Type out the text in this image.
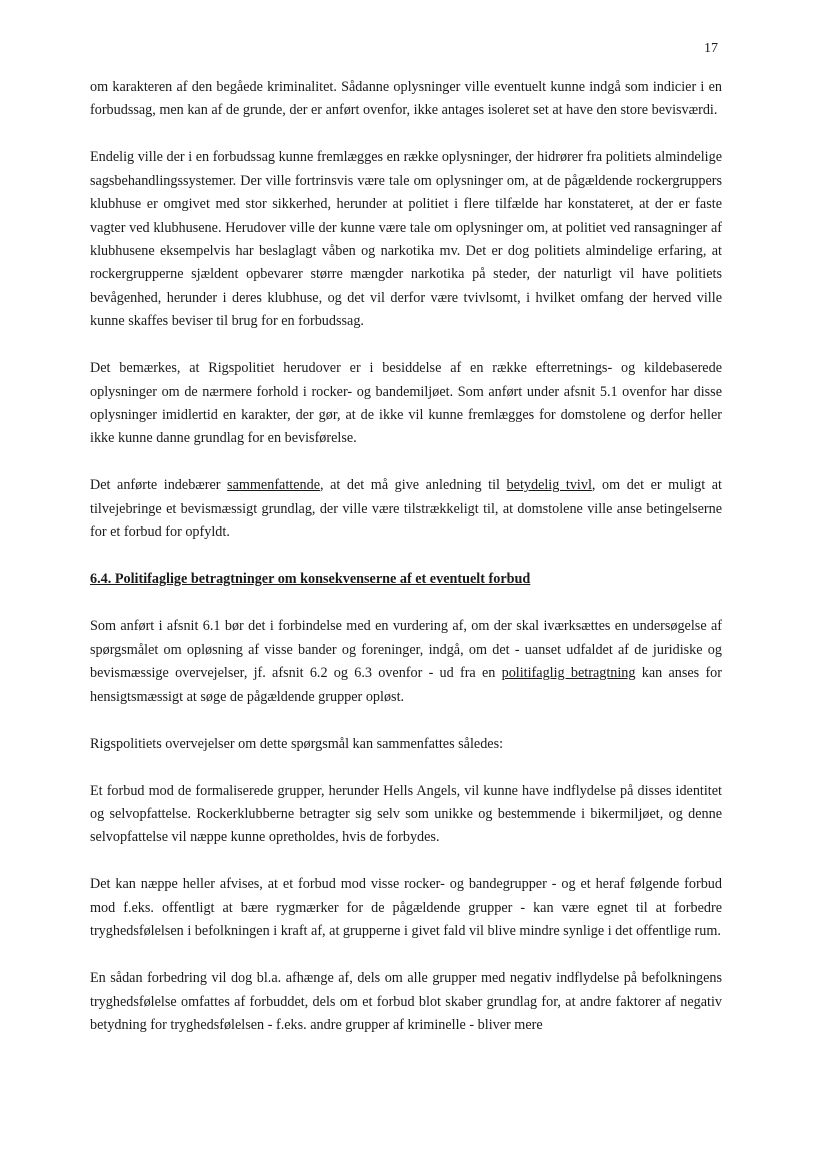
17

om karakteren af den begåede kriminalitet. Sådanne oplysninger ville eventuelt kunne indgå som indicier i en forbudssag, men kan af de grunde, der er anført ovenfor, ikke antages isoleret set at have den store bevisværdi.

Endelig ville der i en forbudssag kunne fremlægges en række oplysninger, der hidrører fra politiets almindelige sagsbehandlingssystemer. Der ville fortrinsvis være tale om oplysninger om, at de pågældende rockergruppers klubhuse er omgivet med stor sikkerhed, herunder at politiet i flere tilfælde har konstateret, at der er faste vagter ved klubhusene. Herudover ville der kunne være tale om oplysninger om, at politiet ved ransagninger af klubhusene eksempelvis har beslaglagt våben og narkotika mv. Det er dog politiets almindelige erfaring, at rockergrupperne sjældent opbevarer større mængder narkotika på steder, der naturligt vil have politiets bevågenhed, herunder i deres klubhuse, og det vil derfor være tvivlsomt, i hvilket omfang der herved ville kunne skaffes beviser til brug for en forbudssag.

Det bemærkes, at Rigspolitiet herudover er i besiddelse af en række efterretnings- og kildebaserede oplysninger om de nærmere forhold i rocker- og bandemiljøet. Som anført under afsnit 5.1 ovenfor har disse oplysninger imidlertid en karakter, der gør, at de ikke vil kunne fremlægges for domstolene og derfor heller ikke kunne danne grundlag for en bevisførelse.

Det anførte indebærer sammenfattende, at det må give anledning til betydelig tvivl, om det er muligt at tilvejebringe et bevismæssigt grundlag, der ville være tilstrækkeligt til, at domstolene ville anse betingelserne for et forbud for opfyldt.

6.4. Politifaglige betragtninger om konsekvenserne af et eventuelt forbud

Som anført i afsnit 6.1 bør det i forbindelse med en vurdering af, om der skal iværksættes en undersøgelse af spørgsmålet om opløsning af visse bander og foreninger, indgå, om det - uanset udfaldet af de juridiske og bevismæssige overvejelser, jf. afsnit 6.2 og 6.3 ovenfor - ud fra en politifaglig betragtning kan anses for hensigtsmæssigt at søge de pågældende grupper opløst.

Rigspolitiets overvejelser om dette spørgsmål kan sammenfattes således:

Et forbud mod de formaliserede grupper, herunder Hells Angels, vil kunne have indflydelse på disses identitet og selvopfattelse. Rockerklubberne betragter sig selv som unikke og bestemmende i bikermiljøet, og denne selvopfattelse vil næppe kunne opretholdes, hvis de forbydes.

Det kan næppe heller afvises, at et forbud mod visse rocker- og bandegrupper - og et heraf følgende forbud mod f.eks. offentligt at bære rygmærker for de pågældende grupper - kan være egnet til at forbedre tryghedsfølelsen i befolkningen i kraft af, at grupperne i givet fald vil blive mindre synlige i det offentlige rum.

En sådan forbedring vil dog bl.a. afhænge af, dels om alle grupper med negativ indflydelse på befolkningens tryghedsfølelse omfattes af forbuddet, dels om et forbud blot skaber grundlag for, at andre faktorer af negativ betydning for tryghedsfølelsen - f.eks. andre grupper af kriminelle - bliver mere
